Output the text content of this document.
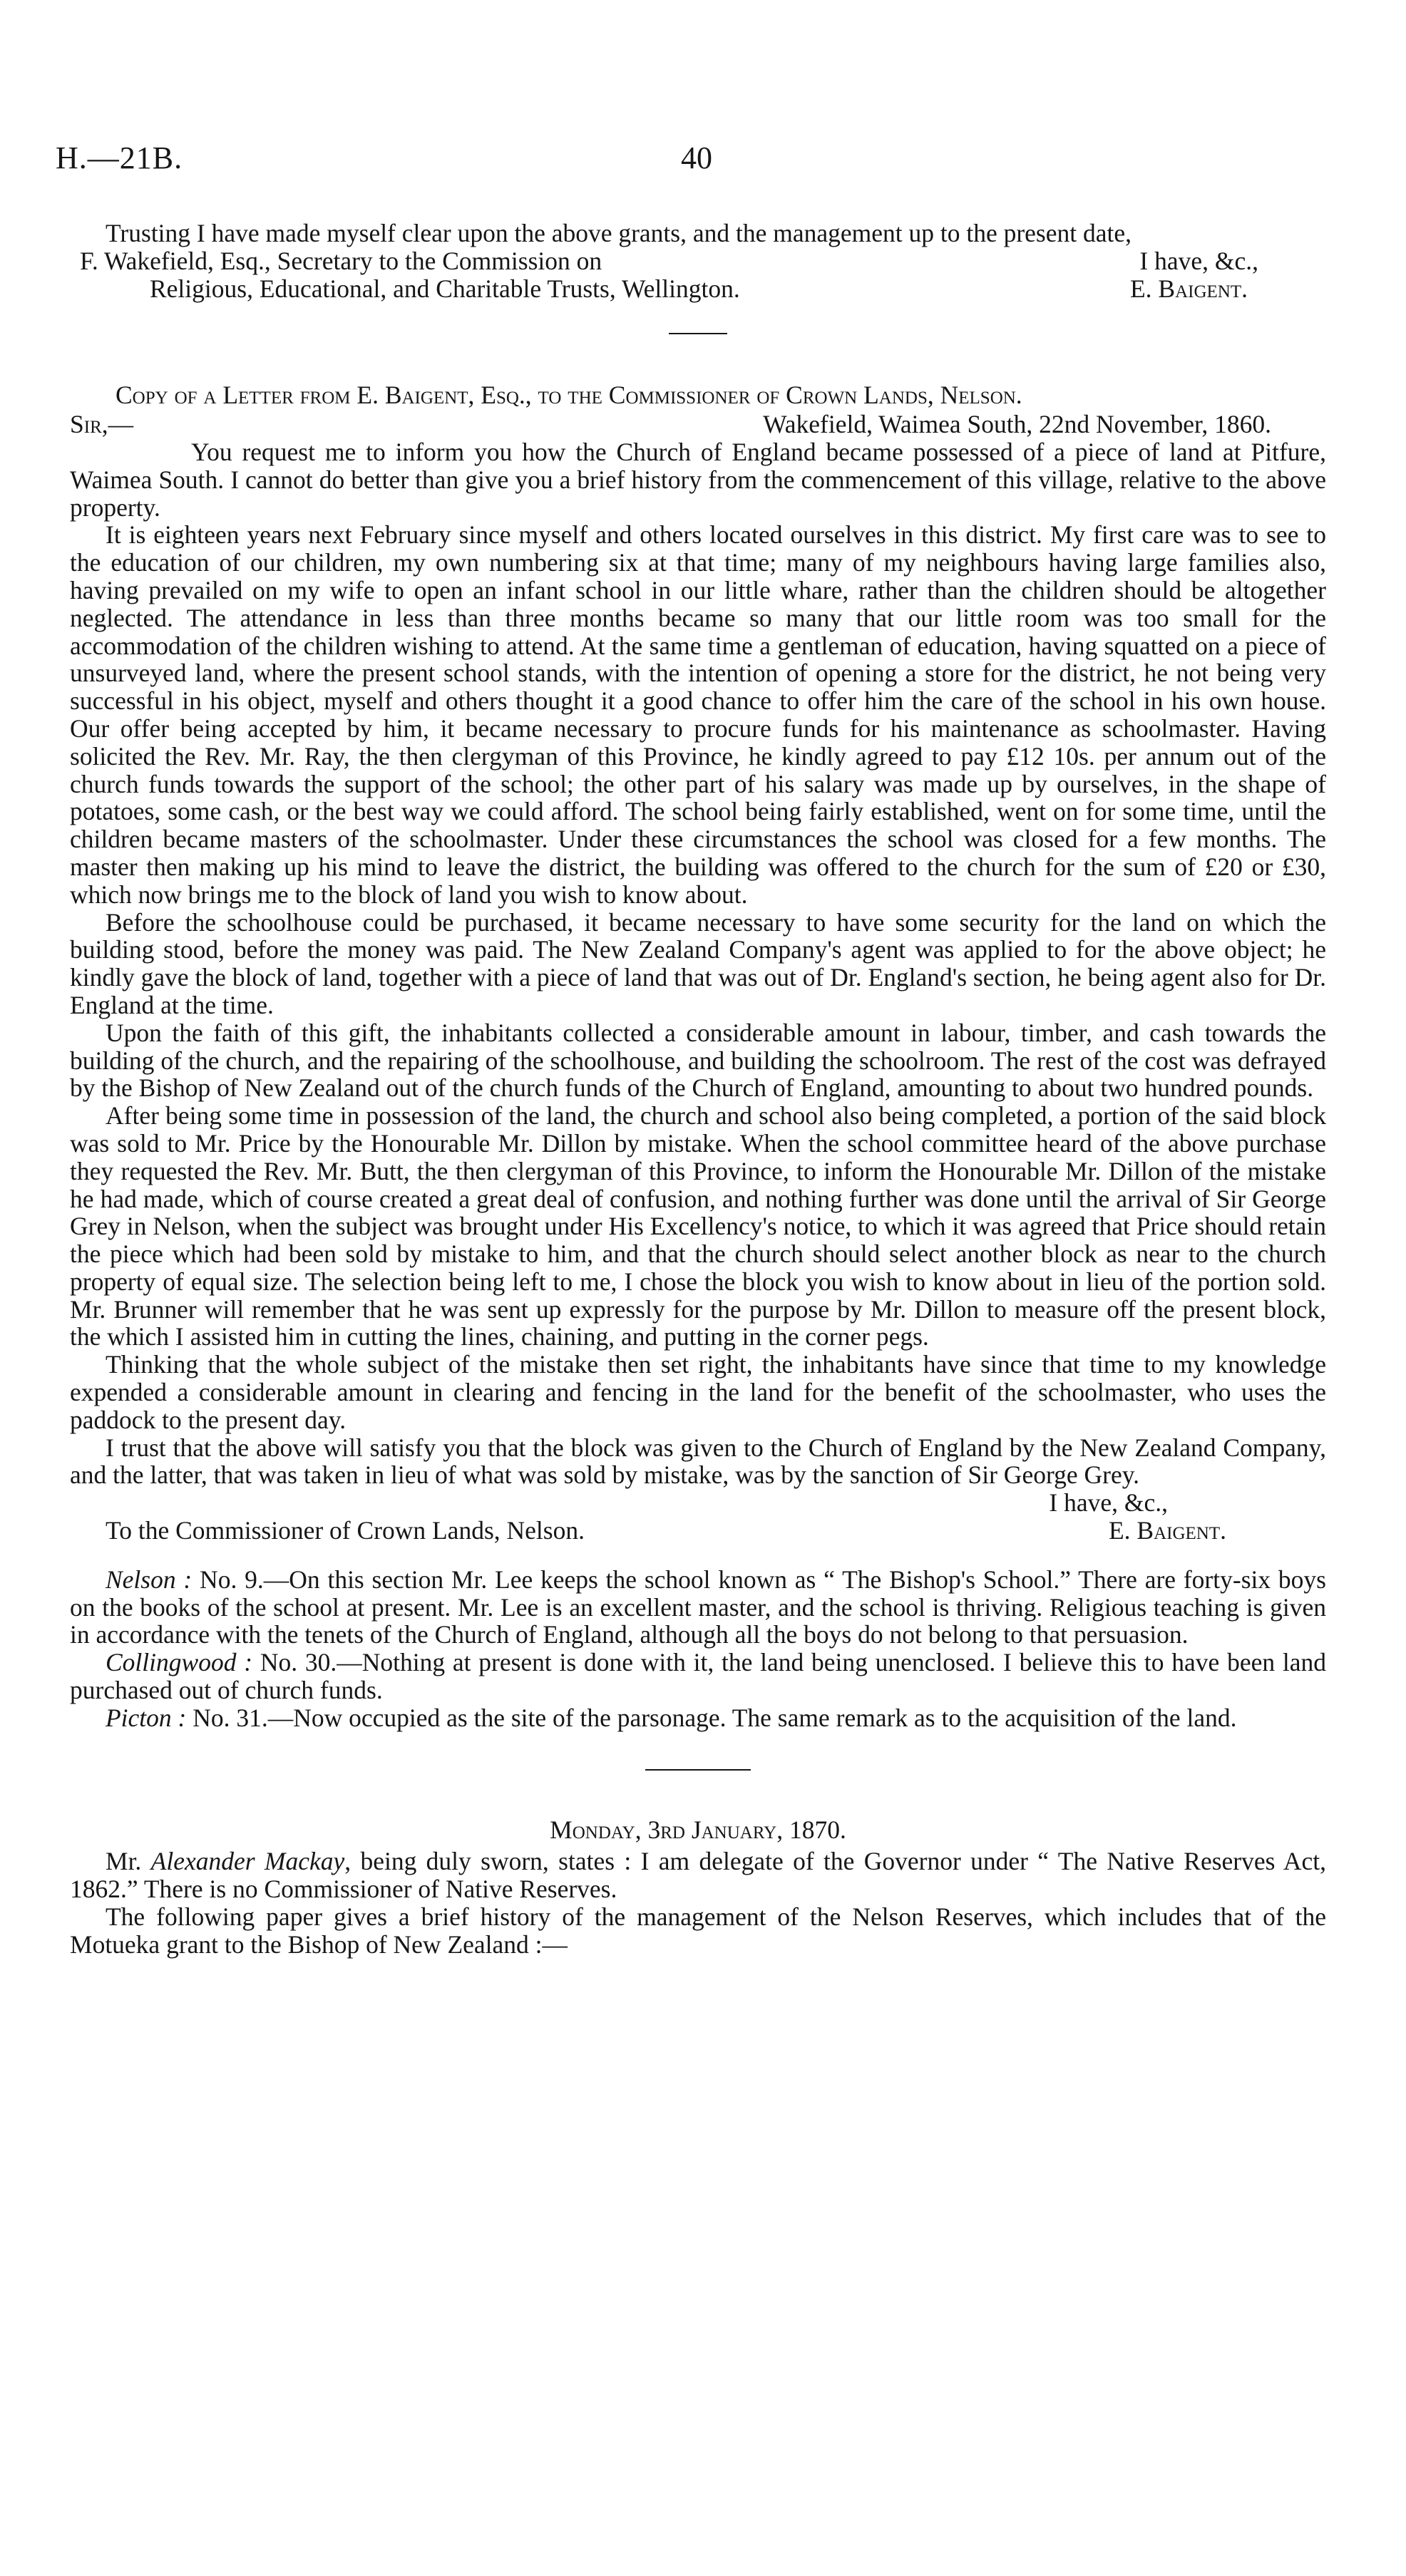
H.—21B.	40

Trusting I have made myself clear upon the above grants, and the management up to the present date,

F. Wakefield, Esq., Secretary to the Commission on	I have, &c.,
Religious, Educational, and Charitable Trusts, Wellington.	E. Baigent.

Copy of a Letter from E. Baigent, Esq., to the Commissioner of Crown Lands, Nelson.

Sir,—	Wakefield, Waimea South, 22nd November, 1860.

You request me to inform you how the Church of England became possessed of a piece of land at Pitfure, Waimea South. I cannot do better than give you a brief history from the commencement of this village, relative to the above property.

It is eighteen years next February since myself and others located ourselves in this district. My first care was to see to the education of our children, my own numbering six at that time; many of my neighbours having large families also, having prevailed on my wife to open an infant school in our little whare, rather than the children should be altogether neglected. The attendance in less than three months became so many that our little room was too small for the accommodation of the children wishing to attend. At the same time a gentleman of education, having squatted on a piece of unsurveyed land, where the present school stands, with the intention of opening a store for the district, he not being very successful in his object, myself and others thought it a good chance to offer him the care of the school in his own house. Our offer being accepted by him, it became necessary to procure funds for his maintenance as schoolmaster. Having solicited the Rev. Mr. Ray, the then clergyman of this Province, he kindly agreed to pay £12 10s. per annum out of the church funds towards the support of the school; the other part of his salary was made up by ourselves, in the shape of potatoes, some cash, or the best way we could afford. The school being fairly established, went on for some time, until the children became masters of the schoolmaster. Under these circumstances the school was closed for a few months. The master then making up his mind to leave the district, the building was offered to the church for the sum of £20 or £30, which now brings me to the block of land you wish to know about.

Before the schoolhouse could be purchased, it became necessary to have some security for the land on which the building stood, before the money was paid. The New Zealand Company's agent was applied to for the above object; he kindly gave the block of land, together with a piece of land that was out of Dr. England's section, he being agent also for Dr. England at the time.

Upon the faith of this gift, the inhabitants collected a considerable amount in labour, timber, and cash towards the building of the church, and the repairing of the schoolhouse, and building the schoolroom. The rest of the cost was defrayed by the Bishop of New Zealand out of the church funds of the Church of England, amounting to about two hundred pounds.

After being some time in possession of the land, the church and school also being completed, a portion of the said block was sold to Mr. Price by the Honourable Mr. Dillon by mistake. When the school committee heard of the above purchase they requested the Rev. Mr. Butt, the then clergyman of this Province, to inform the Honourable Mr. Dillon of the mistake he had made, which of course created a great deal of confusion, and nothing further was done until the arrival of Sir George Grey in Nelson, when the subject was brought under His Excellency's notice, to which it was agreed that Price should retain the piece which had been sold by mistake to him, and that the church should select another block as near to the church property of equal size. The selection being left to me, I chose the block you wish to know about in lieu of the portion sold. Mr. Brunner will remember that he was sent up expressly for the purpose by Mr. Dillon to measure off the present block, the which I assisted him in cutting the lines, chaining, and putting in the corner pegs.

Thinking that the whole subject of the mistake then set right, the inhabitants have since that time to my knowledge expended a considerable amount in clearing and fencing in the land for the benefit of the schoolmaster, who uses the paddock to the present day.

I trust that the above will satisfy you that the block was given to the Church of England by the New Zealand Company, and the latter, that was taken in lieu of what was sold by mistake, was by the sanction of Sir George Grey.

I have, &c.,
To the Commissioner of Crown Lands, Nelson.	E. Baigent.

Nelson : No. 9.—On this section Mr. Lee keeps the school known as “ The Bishop's School.” There are forty-six boys on the books of the school at present. Mr. Lee is an excellent master, and the school is thriving. Religious teaching is given in accordance with the tenets of the Church of England, although all the boys do not belong to that persuasion.

Collingwood : No. 30.—Nothing at present is done with it, the land being unenclosed. I believe this to have been land purchased out of church funds.

Picton : No. 31.—Now occupied as the site of the parsonage. The same remark as to the acquisition of the land.

Monday, 3rd January, 1870.

Mr. Alexander Mackay, being duly sworn, states : I am delegate of the Governor under “ The Native Reserves Act, 1862.” There is no Commissioner of Native Reserves.

The following paper gives a brief history of the management of the Nelson Reserves, which includes that of the Motueka grant to the Bishop of New Zealand :—
